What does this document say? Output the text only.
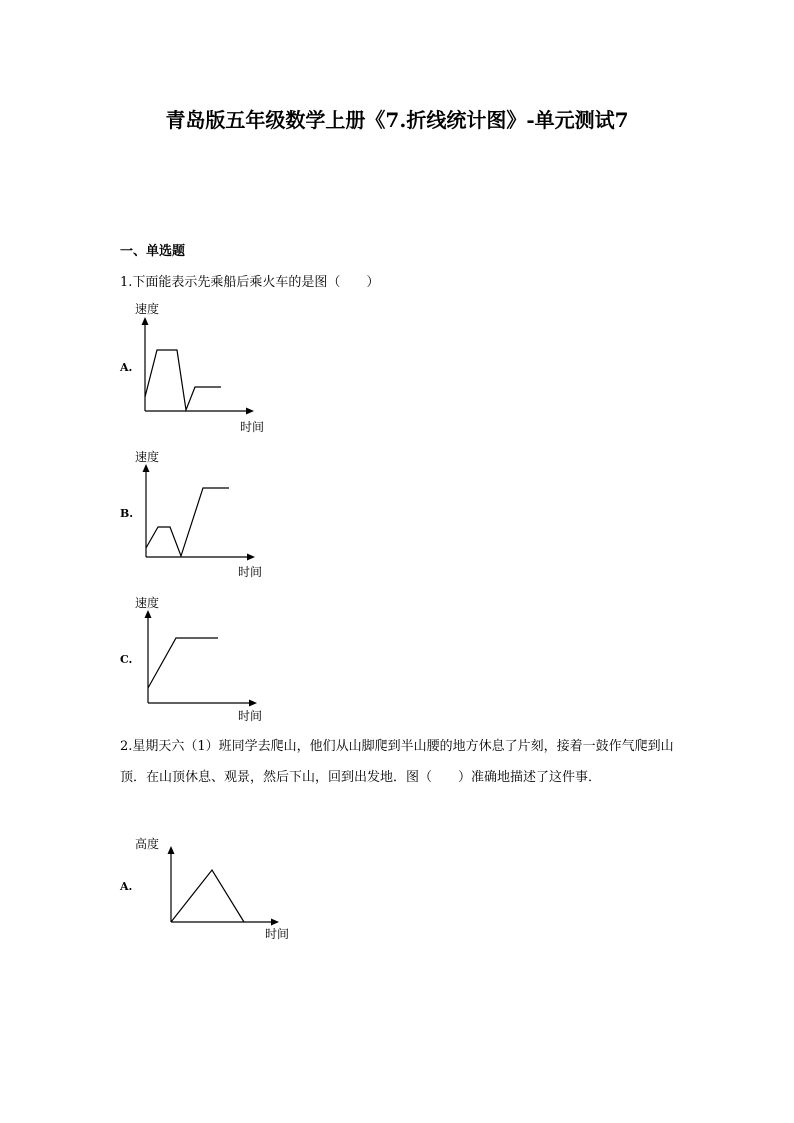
青岛版五年级数学上册《7.折线统计图》-单元测试7
一、单选题
1.下面能表示先乘船后乘火车的是图（　　）
速度
A.
时间
速度
B.
时间
速度
C.
时间
2.星期天六（1）班同学去爬山，他们从山脚爬到半山腰的地方休息了片刻，接着一鼓作气爬到山顶．在山顶休息、观景，然后下山，回到出发地．图（　　）准确地描述了这件事．
高度
A.
时间
